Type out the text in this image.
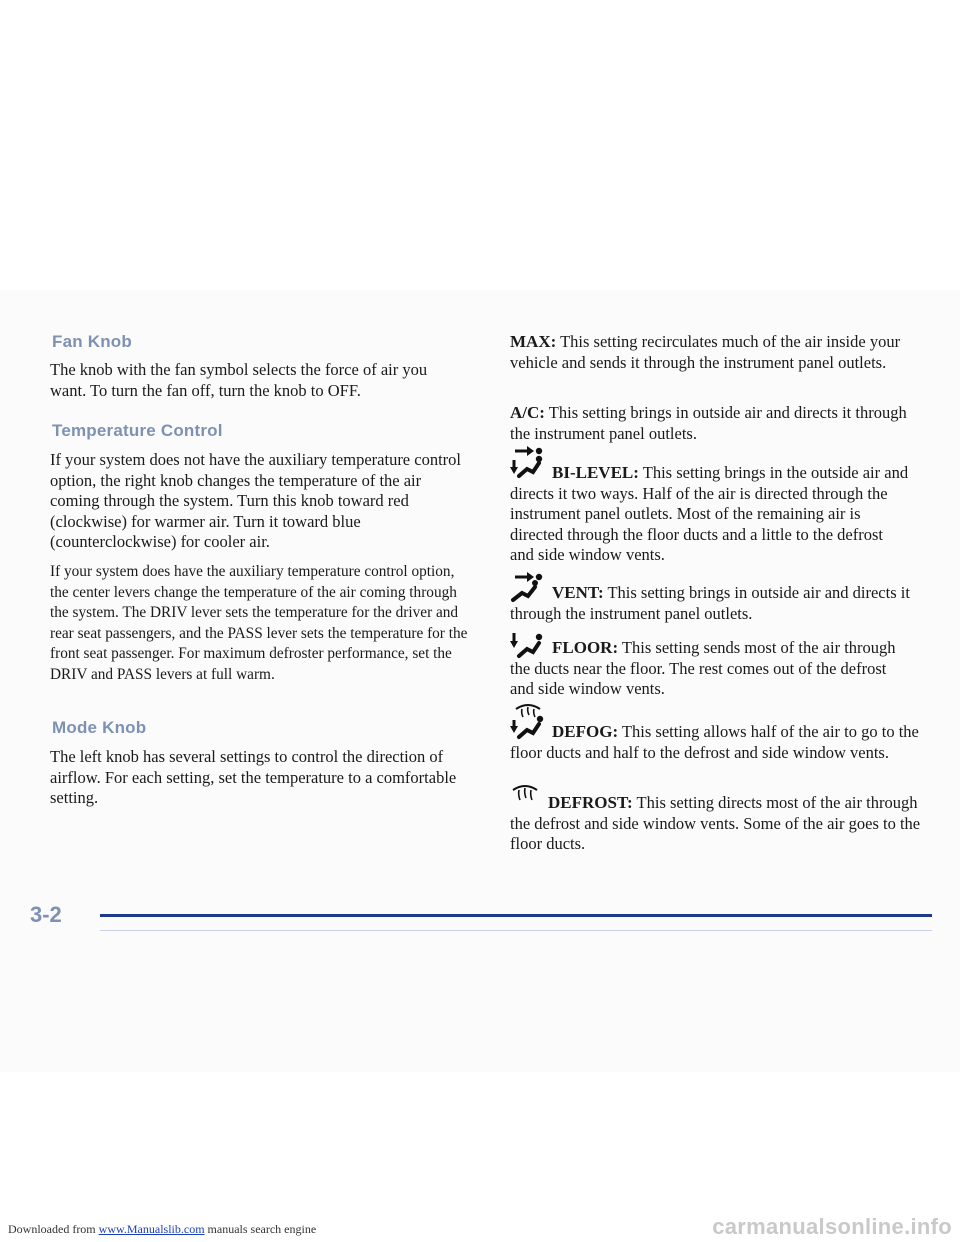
Fan Knob

The knob with the fan symbol selects the force of air you want. To turn the fan off, turn the knob to OFF.

Temperature Control

If your system does not have the auxiliary temperature control option, the right knob changes the temperature of the air coming through the system. Turn this knob toward red (clockwise) for warmer air. Turn it toward blue (counterclockwise) for cooler air.

If your system does have the auxiliary temperature control option, the center levers change the temperature of the air coming through the system. The DRIV lever sets the temperature for the driver and rear seat passengers, and the PASS lever sets the temperature for the front seat passenger. For maximum defroster performance, set the DRIV and PASS levers at full warm.

Mode Knob

The left knob has several settings to control the direction of airflow. For each setting, set the temperature to a comfortable setting.

MAX: This setting recirculates much of the air inside your vehicle and sends it through the instrument panel outlets.

A/C: This setting brings in outside air and directs it through the instrument panel outlets.

BI-LEVEL: This setting brings in the outside air and directs it two ways. Half of the air is directed through the instrument panel outlets. Most of the remaining air is directed through the floor ducts and a little to the defrost and side window vents.

VENT: This setting brings in outside air and directs it through the instrument panel outlets.

FLOOR: This setting sends most of the air through the ducts near the floor. The rest comes out of the defrost and side window vents.

DEFOG: This setting allows half of the air to go to the floor ducts and half to the defrost and side window vents.

DEFROST: This setting directs most of the air through the defrost and side window vents. Some of the air goes to the floor ducts.

3-2
Downloaded from www.Manualslib.com manuals search engine	carmanualsonline.info
